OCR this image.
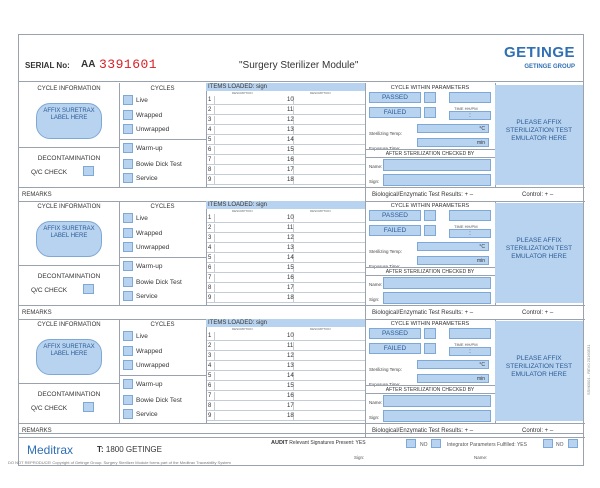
SERIAL No: AA 3391601	"Surgery Sterilizer Module"
GETINGE
GETINGE GROUP
CYCLE INFORMATION
AFFIX SURETRAX LABEL HERE
DECONTAMINATION
Q/C CHECK
CYCLES
Live
Wrapped
Unwrapped
Warm-up
Bowie Dick Test
Service
ITEMS LOADED: sign
DESCRIPTION	DESCRIPTION
1	10
2	11
3	12
4	13
5	14
6	15
7	16
8	17
9	18
CYCLE WITHIN PARAMETERS
PASSED
FAILED
TIME HH/PM
:
Sterilizing Temp:
°C
Exposure Time:
min
AFTER STERILIZATION CHECKED BY
Name:
Sign:
PLEASE AFFIX STERILIZATION TEST EMULATOR HERE
REMARKS	Biological/Enzymatic Test Results: + –	Control: + –
CYCLE INFORMATION
AFFIX SURETRAX LABEL HERE
DECONTAMINATION
Q/C CHECK
CYCLES
Live
Wrapped
Unwrapped
Warm-up
Bowie Dick Test
Service
ITEMS LOADED: sign
DESCRIPTION	DESCRIPTION
1	10
2	11
3	12
4	13
5	14
6	15
7	16
8	17
9	18
CYCLE WITHIN PARAMETERS
PASSED
FAILED
TIME HH/PM
:
Sterilizing Temp:
°C
Exposure Time:
min
AFTER STERILIZATION CHECKED BY
Name:
Sign:
PLEASE AFFIX STERILIZATION TEST EMULATOR HERE
REMARKS	Biological/Enzymatic Test Results: + –	Control: + –
CYCLE INFORMATION
AFFIX SURETRAX LABEL HERE
DECONTAMINATION
Q/C CHECK
CYCLES
Live
Wrapped
Unwrapped
Warm-up
Bowie Dick Test
Service
ITEMS LOADED: sign
DESCRIPTION	DESCRIPTION
1	10
2	11
3	12
4	13
5	14
6	15
7	16
8	17
9	18
CYCLE WITHIN PARAMETERS
PASSED
FAILED
TIME HH/PM
:
Sterilizing Temp:
°C
Exposure Time:
min
AFTER STERILIZATION CHECKED BY
Name:
Sign:
PLEASE AFFIX STERILIZATION TEST EMULATOR HERE
REMARKS	Biological/Enzymatic Test Results: + –	Control: + –
Meditrax	T: 1800 GETINGE
AUDIT Relevant Signatures Present: YES	NO	Integrator Parameters Fulfilled: YES	NO
Sign:	Name:
DO NOT REPRODUCE! Copyright of Getinge Group. Surgery Sterilizer Module forms part of the Meditrax Traceability System
SSM0001 - REV0 20160531
